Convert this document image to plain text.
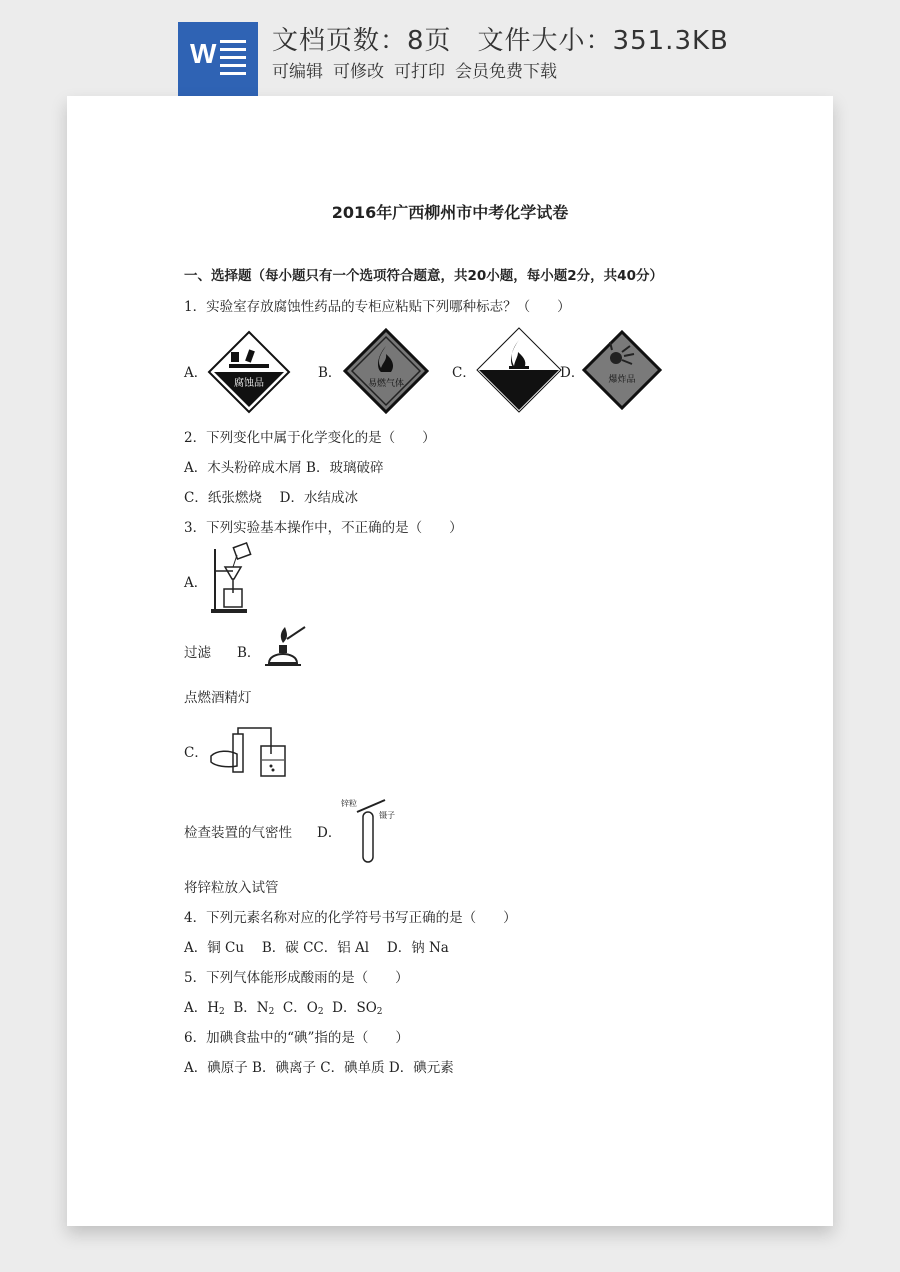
W 文档页数：8页 文件大小：351.3KB
可编辑 可修改 可打印 会员免费下载
2016年广西柳州市中考化学试卷
一、选择题（每小题只有一个选项符合题意，共20小题，每小题2分，共40分）
1．实验室存放腐蚀性药品的专柜应粘贴下列哪种标志？（　　）
A．
腐蚀品
B．
易燃气体
C．	D．	爆炸品
2．下列变化中属于化学变化的是（　　）
A．木头粉碎成木屑 B．玻璃破碎
C．纸张燃烧　 D．水结成冰
3．下列实验基本操作中，不正确的是（　　）
A．
过滤 B．
点燃酒精灯
C．
检查装置的气密性 D．
锌粒
镊子
将锌粒放入试管
4．下列元素名称对应的化学符号书写正确的是（　　）
A．铜 Cu　 B．碳 CC．铝 Al　 D．钠 Na
5．下列气体能形成酸雨的是（　　）
A．$H_2$ B．$N_2$ C．$O_2$ D．$SO_2$
6．加碘食盐中的“碘”指的是（　　）
A．碘原子 B．碘离子 C．碘单质 D．碘元素
